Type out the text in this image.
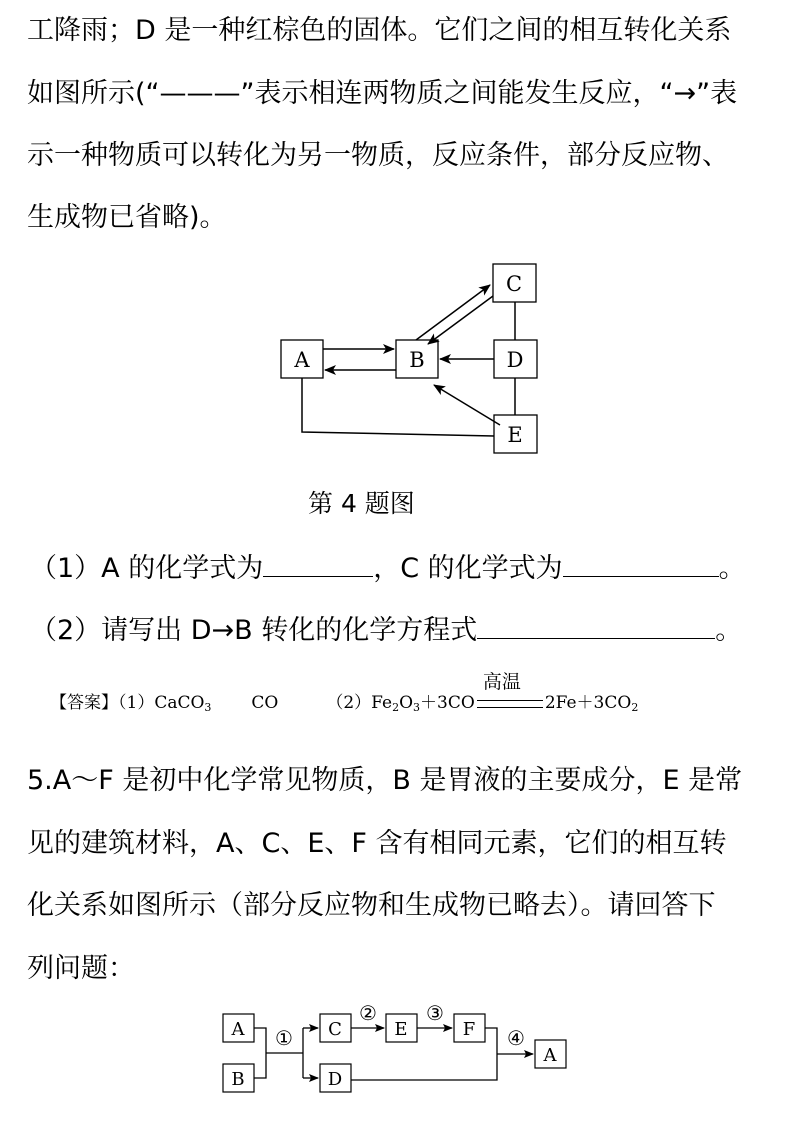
工降雨；D 是一种红棕色的固体。它们之间的相互转化关系
如图所示(“———”表示相连两物质之间能发生反应，“→”表
示一种物质可以转化为另一物质，反应条件，部分反应物、
生成物已省略)。
A	B
C
D
E
第 4 题图
（1）A 的化学式为	，C 的化学式为	。
（2）请写出 D→B 转化的化学方程式	。
【答案】（1）CaCO$_3$ CO	$(2)Fe_2O_3+3CO$
高温
$2Fe+3CO_2$
5.A～F 是初中化学常见物质，B 是胃液的主要成分，E 是常
见的建筑材料，A、C、E、F 含有相同元素，它们的相互转
化关系如图所示（部分反应物和生成物已略去）。请回答下
列问题：
A
B
C
D
E	F
A
①
② ③
④
